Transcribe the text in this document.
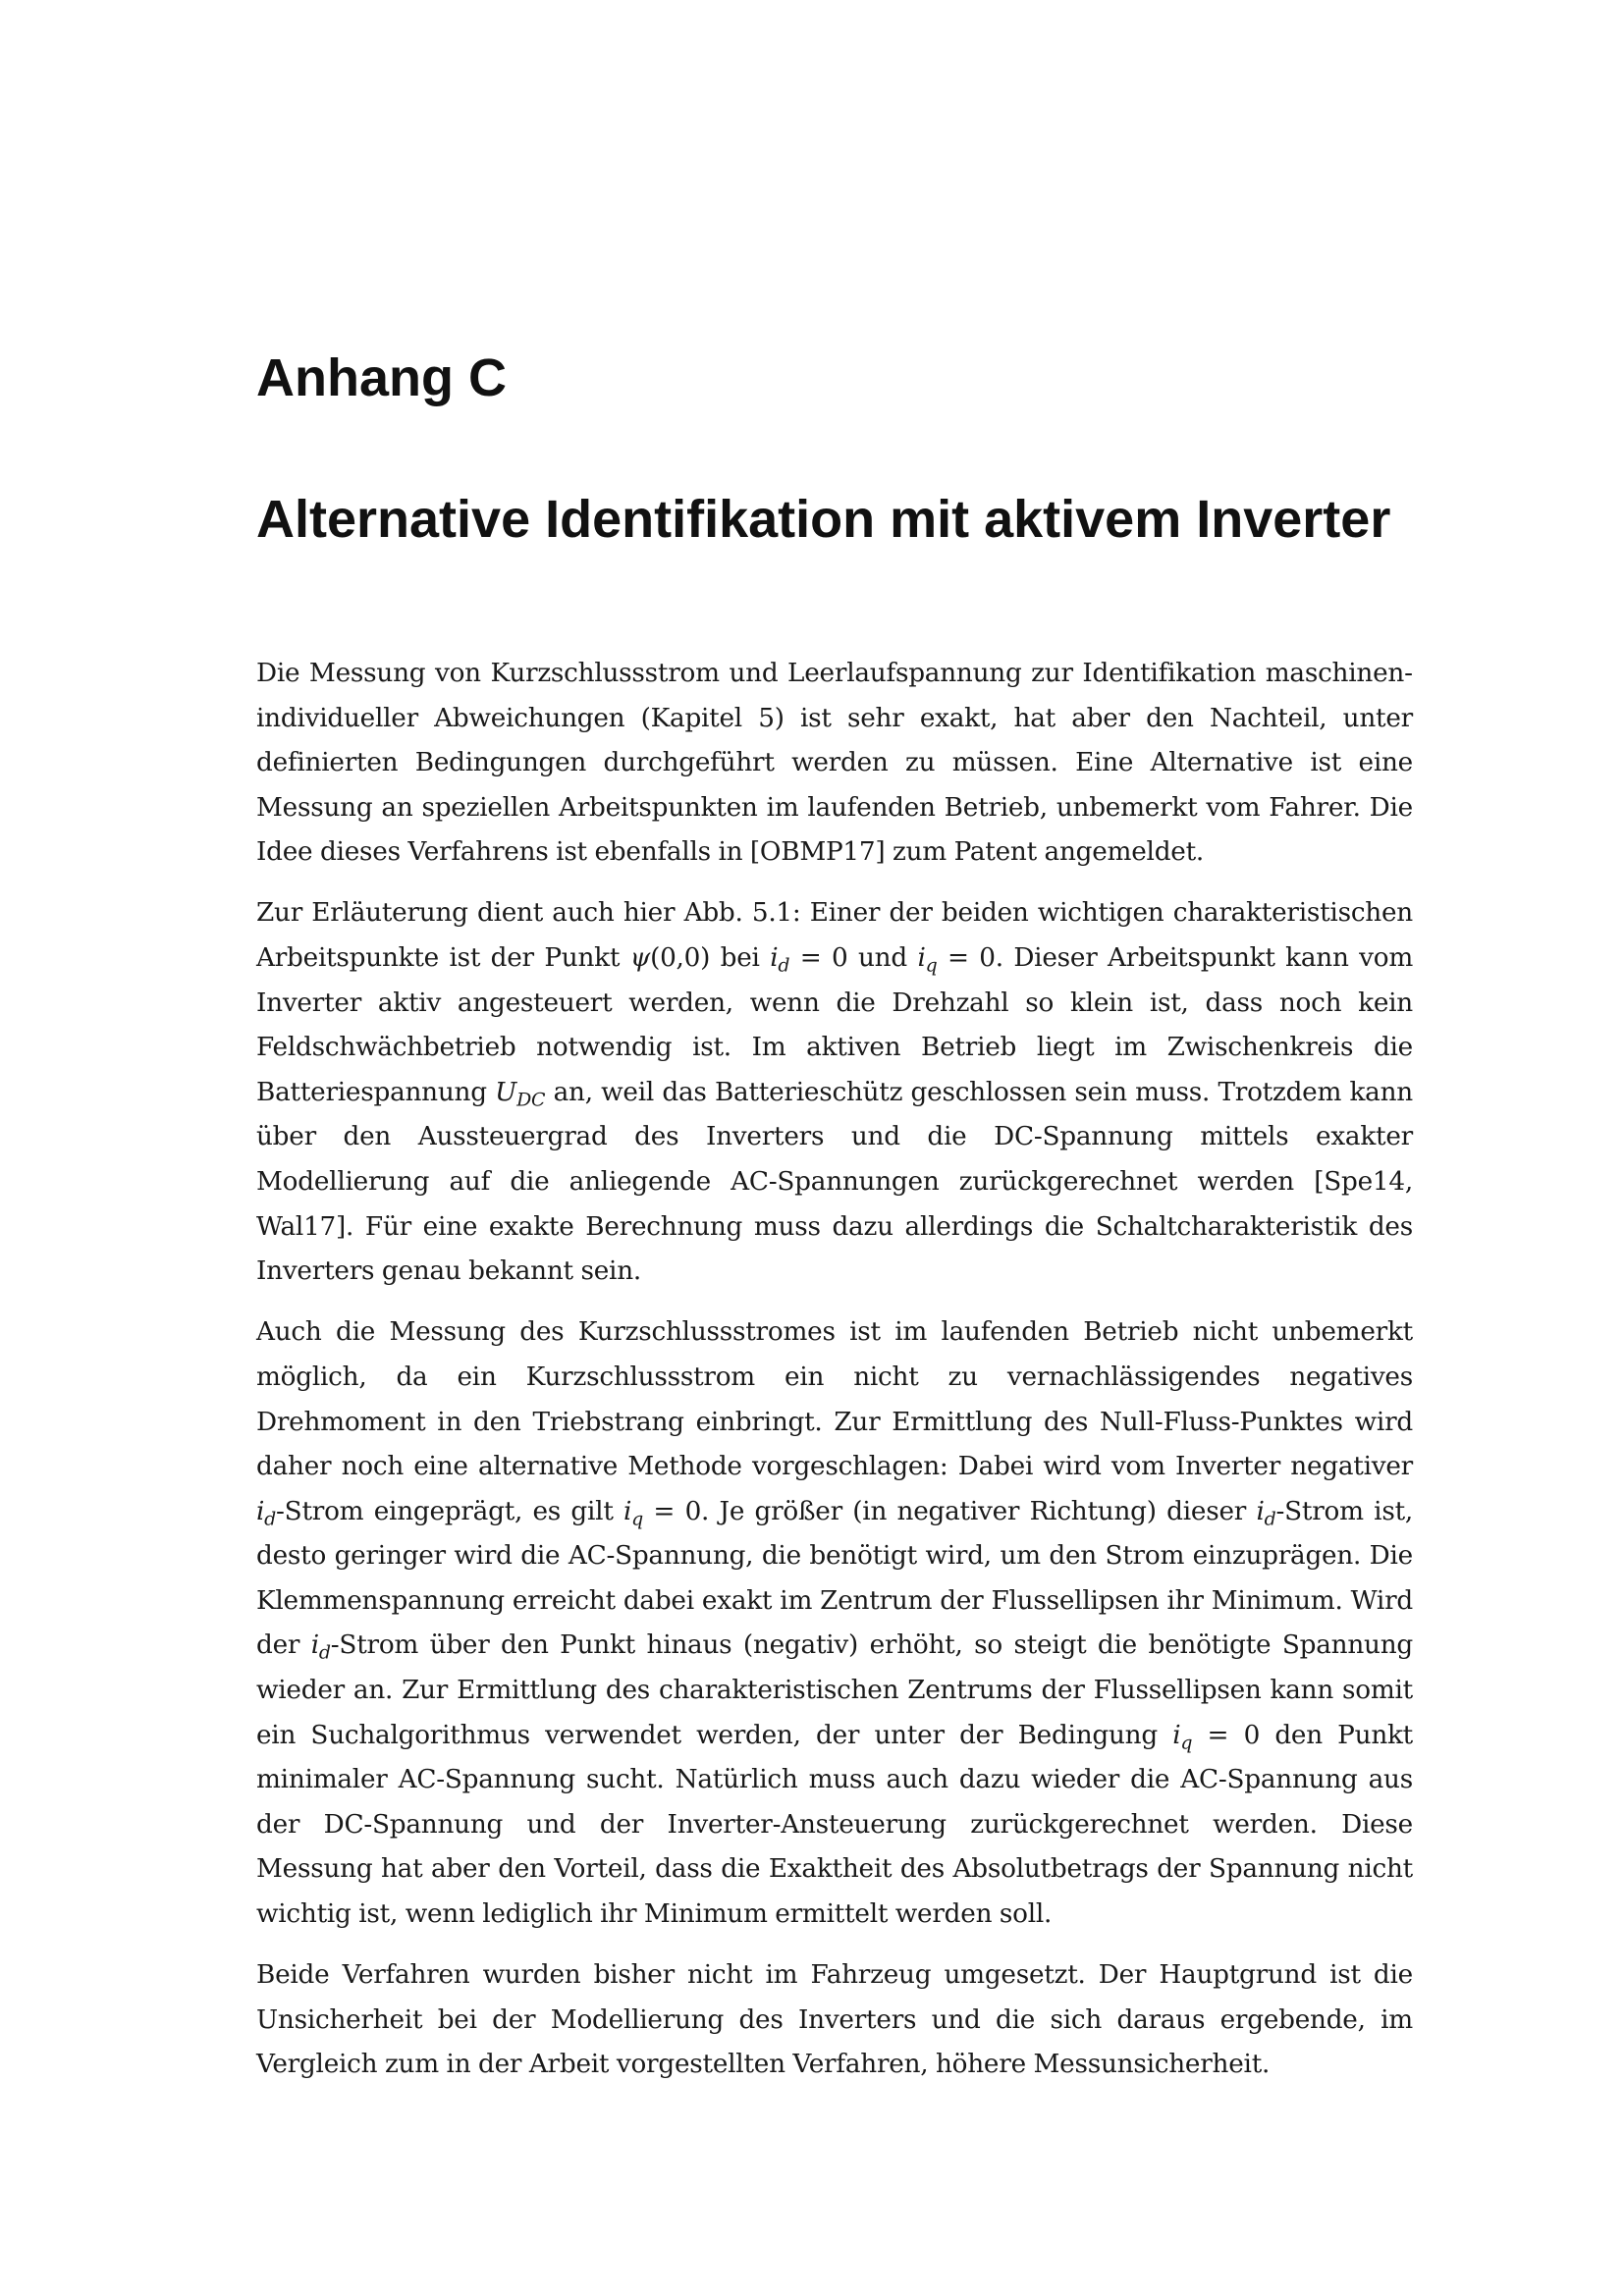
Anhang C
Alternative Identifikation mit aktivem Inverter

Die Messung von Kurzschlussstrom und Leerlaufspannung zur Identifikation maschinenindividueller Abweichungen (Kapitel 5) ist sehr exakt, hat aber den Nachteil, unter definierten Bedingungen durchgeführt werden zu müssen. Eine Alternative ist eine Messung an speziellen Arbeitspunkten im laufenden Betrieb, unbemerkt vom Fahrer. Die Idee dieses Verfahrens ist ebenfalls in [OBMP17] zum Patent angemeldet.

Zur Erläuterung dient auch hier Abb. 5.1: Einer der beiden wichtigen charakteristischen Arbeitspunkte ist der Punkt ψ(0,0) bei $i_d = 0$ und $i_q = 0$. Dieser Arbeitspunkt kann vom Inverter aktiv angesteuert werden, wenn die Drehzahl so klein ist, dass noch kein Feldschwächbetrieb notwendig ist. Im aktiven Betrieb liegt im Zwischenkreis die Batteriespannung $U_{DC}$ an, weil das Batterieschütz geschlossen sein muss. Trotzdem kann über den Aussteuergrad des Inverters und die DC-Spannung mittels exakter Modellierung auf die anliegende AC-Spannungen zurückgerechnet werden [Spe14, Wal17]. Für eine exakte Berechnung muss dazu allerdings die Schaltcharakteristik des Inverters genau bekannt sein.

Auch die Messung des Kurzschlussstromes ist im laufenden Betrieb nicht unbemerkt möglich, da ein Kurzschlussstrom ein nicht zu vernachlässigendes negatives Drehmoment in den Triebstrang einbringt. Zur Ermittlung des Null-Fluss-Punktes wird daher noch eine alternative Methode vorgeschlagen: Dabei wird vom Inverter negativer $i_d$-Strom eingeprägt, es gilt $i_q = 0$. Je größer (in negativer Richtung) dieser $i_d$-Strom ist, desto geringer wird die AC-Spannung, die benötigt wird, um den Strom einzuprägen. Die Klemmenspannung erreicht dabei exakt im Zentrum der Flussellipsen ihr Minimum. Wird der $i_d$-Strom über den Punkt hinaus (negativ) erhöht, so steigt die benötigte Spannung wieder an. Zur Ermittlung des charakteristischen Zentrums der Flussellipsen kann somit ein Suchalgorithmus verwendet werden, der unter der Bedingung $i_q = 0$ den Punkt minimaler AC-Spannung sucht. Natürlich muss auch dazu wieder die AC-Spannung aus der DC-Spannung und der Inverter-Ansteuerung zurückgerechnet werden. Diese Messung hat aber den Vorteil, dass die Exaktheit des Absolutbetrags der Spannung nicht wichtig ist, wenn lediglich ihr Minimum ermittelt werden soll.

Beide Verfahren wurden bisher nicht im Fahrzeug umgesetzt. Der Hauptgrund ist die Unsicherheit bei der Modellierung des Inverters und die sich daraus ergebende, im Vergleich zum in der Arbeit vorgestellten Verfahren, höhere Messunsicherheit.
